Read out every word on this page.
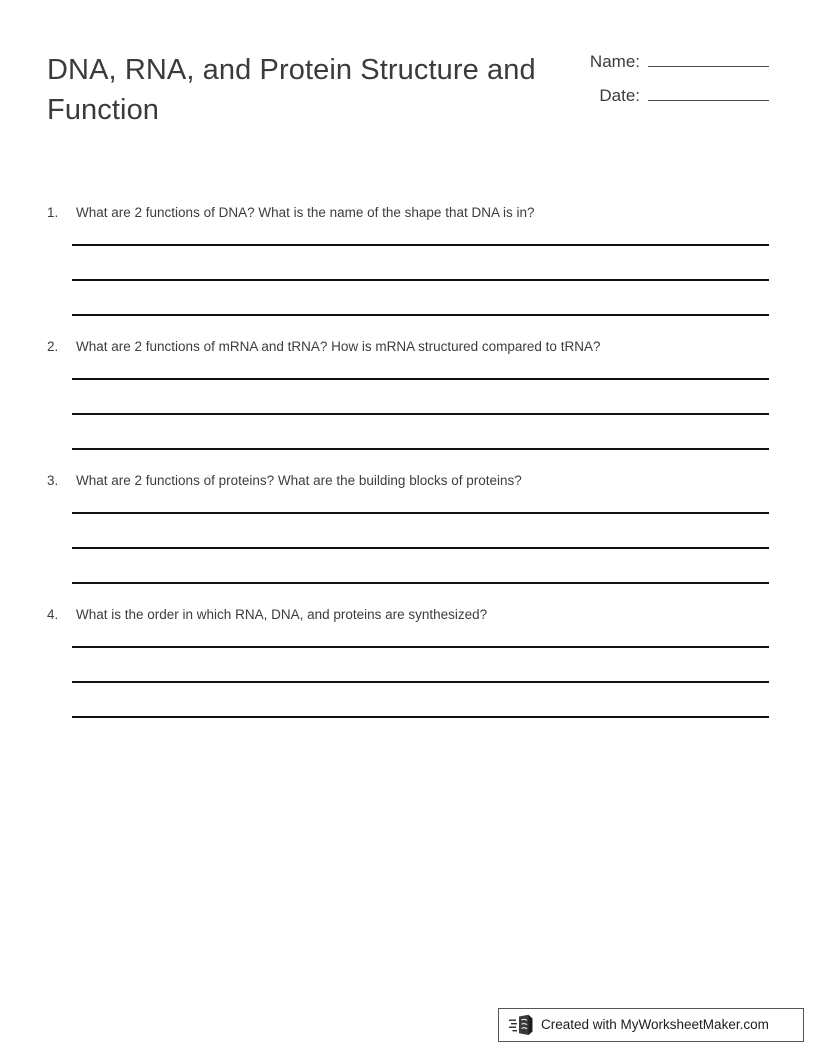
DNA, RNA, and Protein Structure and Function
Name:
Date:
1.	What are 2 functions of DNA? What is the name of the shape that DNA is in?
2.	What are 2 functions of mRNA and tRNA? How is mRNA structured compared to tRNA?
3.	What are 2 functions of proteins? What are the building blocks of proteins?
4.	What is the order in which RNA, DNA, and proteins are synthesized?
Created with MyWorksheetMaker.com
